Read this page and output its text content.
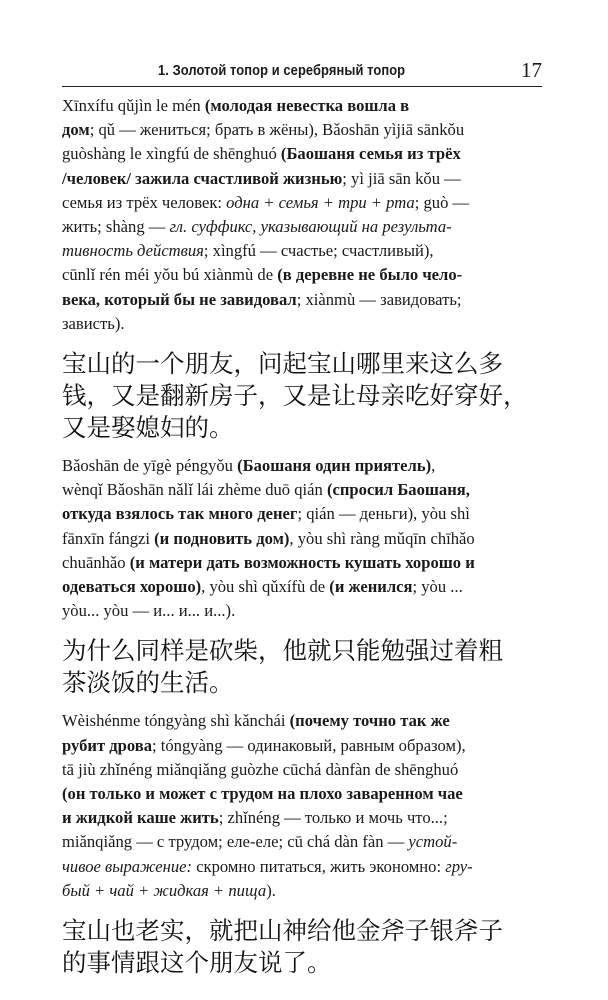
1. Золотой топор и серебряный топор	17
Xīnxífu qǔjìn le mén (молодая невестка вошла в
дом; qǔ — жениться; брать в жёны), Bǎoshān yìjiā sānkǒu
guòshàng le xìngfú de shēnghuó (Баошаня семья из трёх
/человек/ зажила счастливой жизнью; yì jiā sān kǒu —
семья из трёх человек: одна + семья + три + рта; guò —
жить; shàng — гл. суффикс, указывающий на результа-
тивность действия; xìngfú — счастье; счастливый),
cūnlǐ rén méi yǒu bú xiànmù de (в деревне не было чело-
века, который бы не завидовал; xiànmù — завидовать;
зависть).
宝山的一个朋友，问起宝山哪里来这么多
钱，又是翻新房子，又是让母亲吃好穿好，
又是娶媳妇的。
Bǎoshān de yīgè péngyǒu (Баошаня один приятель),
wènqǐ Bǎoshān nǎlǐ lái zhème duō qián (спросил Баошаня,
откуда взялось так много денег; qián — деньги), yòu shì
fānxīn fángzi (и подновить дом), yòu shì ràng mǔqīn chīhǎo
chuānhǎo (и матери дать возможность кушать хорошо и
одеваться хорошо), yòu shì qǔxífù de (и женился; yòu ...
yòu... yòu — и... и... и...).
为什么同样是砍柴，他就只能勉强过着粗
茶淡饭的生活。
Wèishénme tóngyàng shì kǎnchái (почему точно так же
рубит дрова; tóngyàng — одинаковый, равным образом),
tā jiù zhǐnéng miǎnqiǎng guòzhe cūchá dànfàn de shēnghuó
(он только и может с трудом на плохо заваренном чае
и жидкой каше жить; zhǐnéng — только и мочь что...;
miǎnqiǎng — с трудом; еле-еле; cū chá dàn fàn — устой-
чивое выражение: скромно питаться, жить экономно: гру-
бый + чай + жидкая + пища).
宝山也老实，就把山神给他金斧子银斧子
的事情跟这个朋友说了。
